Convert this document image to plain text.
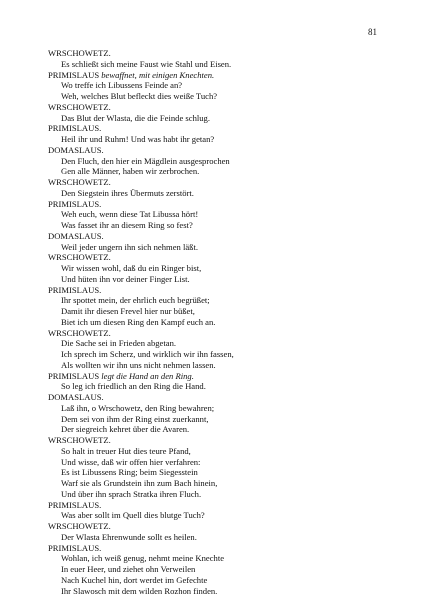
81
WRSCHOWETZ.
Es schließt sich meine Faust wie Stahl und Eisen.
PRIMISLAUS bewaffnet, mit einigen Knechten.
Wo treffe ich Libussens Feinde an?
Weh, welches Blut befleckt dies weiße Tuch?
WRSCHOWETZ.
Das Blut der Wlasta, die die Feinde schlug.
PRIMISLAUS.
Heil ihr und Ruhm! Und was habt ihr getan?
DOMASLAUS.
Den Fluch, den hier ein Mägdlein ausgesprochen
Gen alle Männer, haben wir zerbrochen.
WRSCHOWETZ.
Den Siegstein ihres Übermuts zerstört.
PRIMISLAUS.
Weh euch, wenn diese Tat Libussa hört!
Was fasset ihr an diesem Ring so fest?
DOMASLAUS.
Weil jeder ungern ihn sich nehmen läßt.
WRSCHOWETZ.
Wir wissen wohl, daß du ein Ringer bist,
Und hüten ihn vor deiner Finger List.
PRIMISLAUS.
Ihr spottet mein, der ehrlich euch begrüßet;
Damit ihr diesen Frevel hier nur büßet,
Biet ich um diesen Ring den Kampf euch an.
WRSCHOWETZ.
Die Sache sei in Frieden abgetan.
Ich sprech im Scherz, und wirklich wir ihn fassen,
Als wollten wir ihn uns nicht nehmen lassen.
PRIMISLAUS legt die Hand an den Ring.
So leg ich friedlich an den Ring die Hand.
DOMASLAUS.
Laß ihn, o Wrschowetz, den Ring bewahren;
Dem sei von ihm der Ring einst zuerkannt,
Der siegreich kehret über die Avaren.
WRSCHOWETZ.
So halt in treuer Hut dies teure Pfand,
Und wisse, daß wir offen hier verfahren:
Es ist Libussens Ring; beim Siegesstein
Warf sie als Grundstein ihn zum Bach hinein,
Und über ihn sprach Stratka ihren Fluch.
PRIMISLAUS.
Was aber sollt im Quell dies blutge Tuch?
WRSCHOWETZ.
Der Wlasta Ehrenwunde sollt es heilen.
PRIMISLAUS.
Wohlan, ich weiß genug, nehmt meine Knechte
In euer Heer, und ziehet ohn Verweilen
Nach Kuchel hin, dort werdet im Gefechte
Ihr Slawosch mit dem wilden Rozhon finden.
